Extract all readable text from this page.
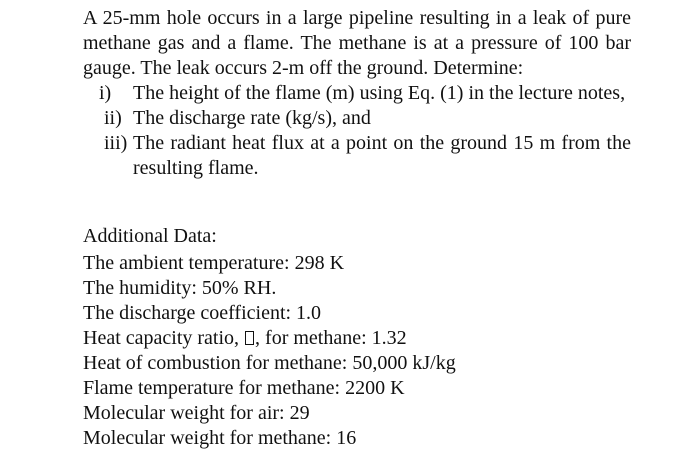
A 25-mm hole occurs in a large pipeline resulting in a leak of pure methane gas and a flame. The methane is at a pressure of 100 bar gauge. The leak occurs 2-m off the ground. Determine:

i) The height of the flame (m) using Eq. (1) in the lecture notes,
ii) The discharge rate (kg/s), and
iii) The radiant heat flux at a point on the ground 15 m from the resulting flame.

Additional Data:

The ambient temperature: 298 K

The humidity: 50% RH.

The discharge coefficient: 1.0

Heat capacity ratio, , for methane: 1.32

Heat of combustion for methane: 50,000 kJ/kg

Flame temperature for methane: 2200 K

Molecular weight for air: 29

Molecular weight for methane: 16
